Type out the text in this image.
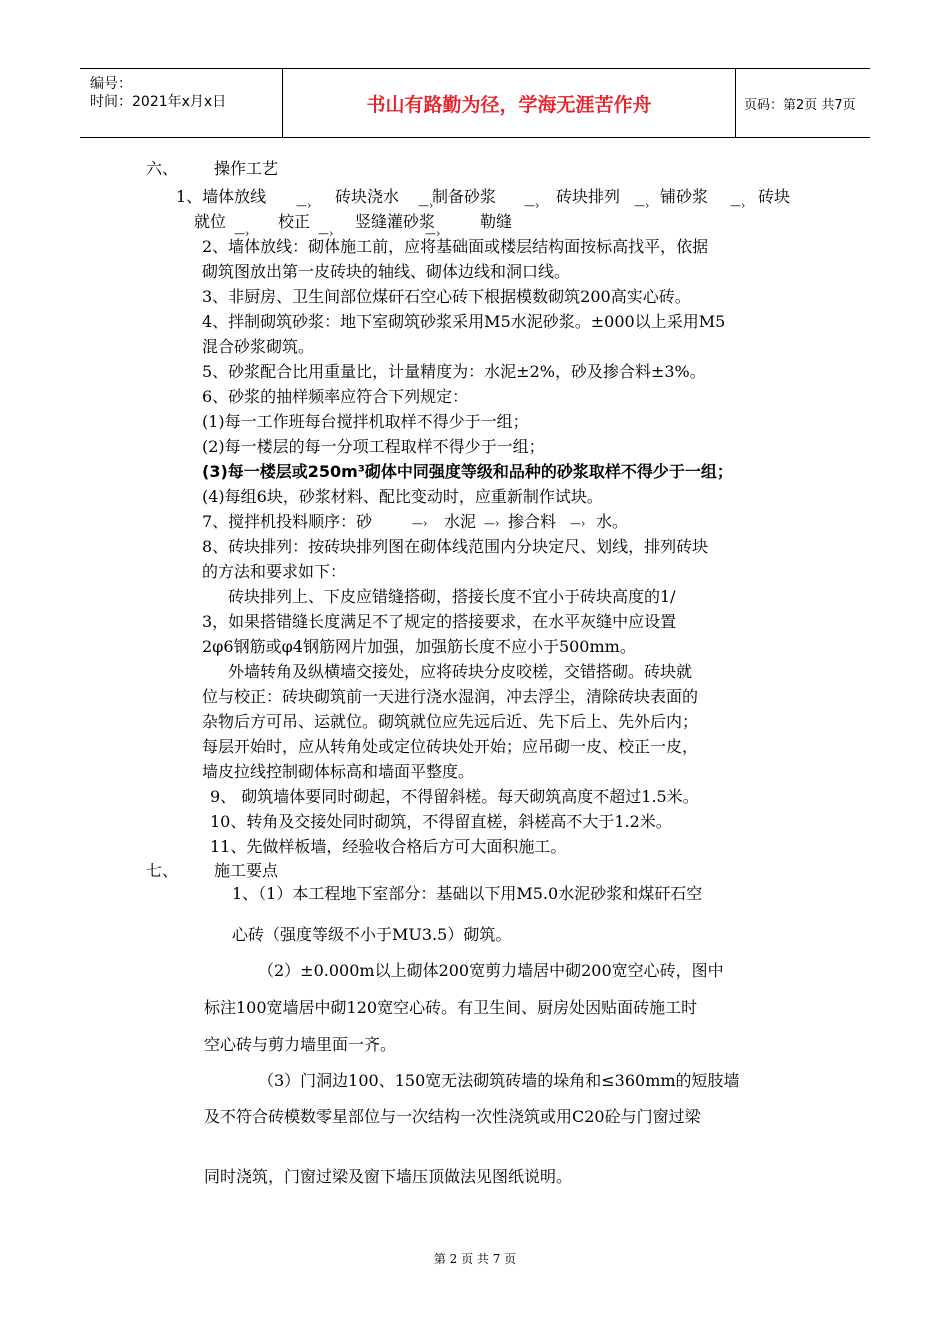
编号：
时间：2021年x月x日	书山有路勤为径，学海无涯苦作舟	页码：第2页 共7页
六、 操作工艺
1、墙体放线	砖块浇水 制备砂浆	砖块排列 铺砂浆	砖块
就位	校正	竖缝灌砂浆	勒缝
—›	—›	—›	—›	—›
—›	—›	—›
2、墙体放线：砌体施工前，应将基础面或楼层结构面按标高找平，依据
砌筑图放出第一皮砖块的轴线、砌体边线和洞口线。
3、非厨房、卫生间部位煤矸石空心砖下根据模数砌筑200高实心砖。
4、拌制砌筑砂浆：地下室砌筑砂浆采用M5水泥砂浆。±000以上采用M5
混合砂浆砌筑。
5、砂浆配合比用重量比，计量精度为：水泥±2%，砂及掺合料±3%。
6、砂浆的抽样频率应符合下列规定：
(1)每一工作班每台搅拌机取样不得少于一组；
(2)每一楼层的每一分项工程取样不得少于一组；
(3)每一楼层或250m³砌体中同强度等级和品种的砂浆取样不得少于一组；
(4)每组6块，砂浆材料、配比变动时，应重新制作试块。
7、搅拌机投料顺序：砂	水泥 掺合料 水。
—›	—›	—›
8、砖块排列：按砖块排列图在砌体线范围内分块定尺、划线，排列砖块
的方法和要求如下：
砖块排列上、下皮应错缝搭砌，搭接长度不宜小于砖块高度的1/
3，如果搭错缝长度满足不了规定的搭接要求，在水平灰缝中应设置
2φ6钢筋或φ4钢筋网片加强，加强筋长度不应小于500mm。
外墙转角及纵横墙交接处，应将砖块分皮咬槎，交错搭砌。砖块就
位与校正：砖块砌筑前一天进行浇水湿润，冲去浮尘，清除砖块表面的
杂物后方可吊、运就位。砌筑就位应先远后近、先下后上、先外后内；
每层开始时，应从转角处或定位砖块处开始；应吊砌一皮、校正一皮，
墙皮拉线控制砌体标高和墙面平整度。
9、 砌筑墙体要同时砌起，不得留斜槎。每天砌筑高度不超过1.5米。
10、转角及交接处同时砌筑，不得留直槎，斜槎高不大于1.2米。
11、先做样板墙，经验收合格后方可大面积施工。
七、 施工要点
1、（1）本工程地下室部分：基础以下用M5.0水泥砂浆和煤矸石空
心砖（强度等级不小于MU3.5）砌筑。
（2）±0.000m以上砌体200宽剪力墙居中砌200宽空心砖，图中
标注100宽墙居中砌120宽空心砖。有卫生间、厨房处因贴面砖施工时
空心砖与剪力墙里面一齐。
（3）门洞边100、150宽无法砌筑砖墙的垛角和≤360mm的短肢墙
及不符合砖模数零星部位与一次结构一次性浇筑或用C20砼与门窗过梁
同时浇筑，门窗过梁及窗下墙压顶做法见图纸说明。
第 2 页 共 7 页
